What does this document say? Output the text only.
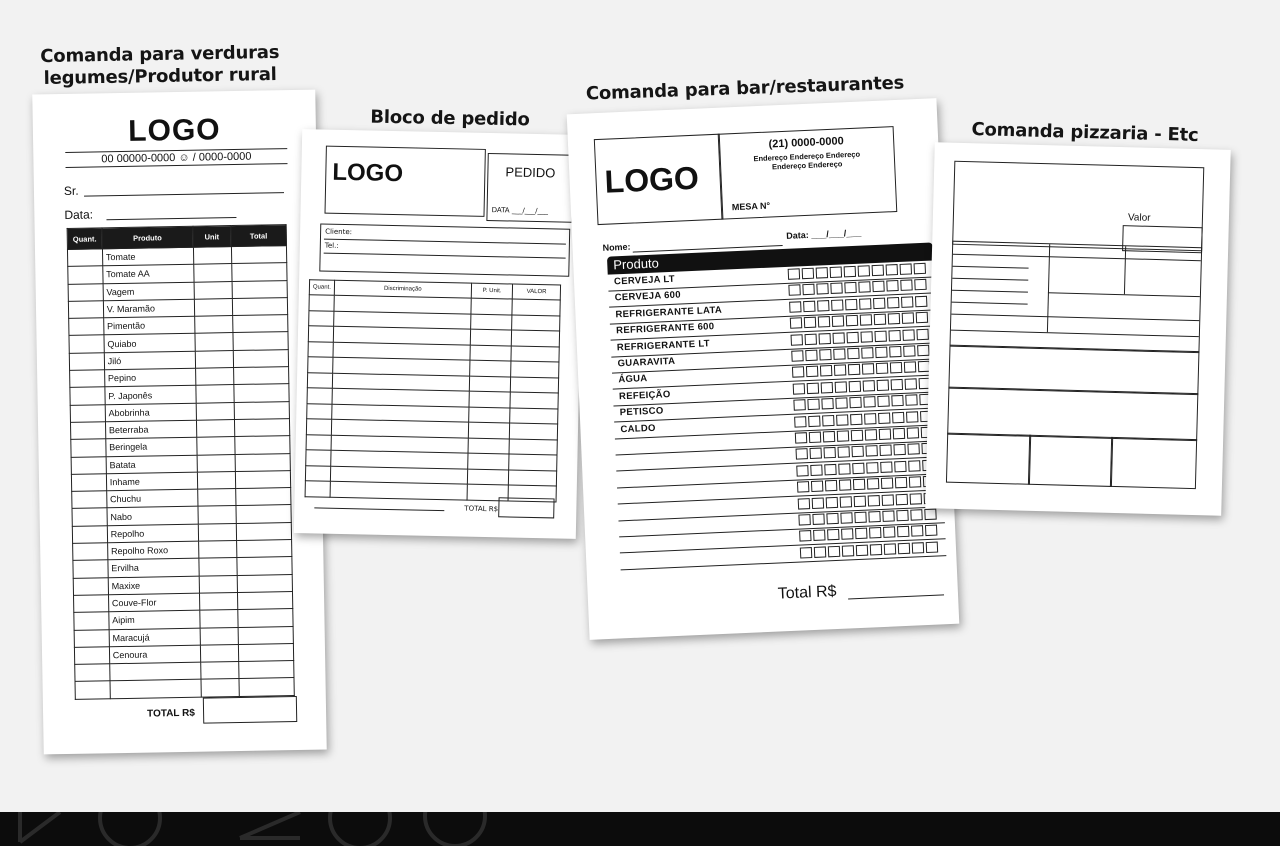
Comanda para verduras
legumes/Produtor rural
Bloco de pedido
Comanda para bar/restaurantes
Comanda pizzaria - Etc
LOGO
00 00000-0000 ☺ / 0000-0000
Sr.
Data:
Quant.	Produto	Unit	Total
	Tomate		
	Tomate AA		
	Vagem		
	V. Maramão		
	Pimentão		
	Quiabo		
	Jiló		
	Pepino		
	P. Japonês		
	Abobrinha		
	Beterraba		
	Beringela		
	Batata		
	Inhame		
	Chuchu		
	Nabo		
	Repolho		
	Repolho Roxo		
	Ervilha		
	Maxixe		
	Couve-Flor		
	Aipim		
	Maracujá		
	Cenoura		

TOTAL R$
LOGO	PEDIDO
DATA ___/___/___
Cliente:
Tel.:
Quant.	Discriminação	P. Unit.	VALOR

TOTAL R$
LOGO
(21) 0000-0000
Endereço Endereço Endereço
Endereço Endereço
MESA N°
Nome:
Data: ___/___/___
Produto
CERVEJA LT
CERVEJA 600
REFRIGERANTE LATA
REFRIGERANTE 600
REFRIGERANTE LT
GUARAVITA
ÁGUA
REFEIÇÃO
PETISCO
CALDO
Total R$
Valor
